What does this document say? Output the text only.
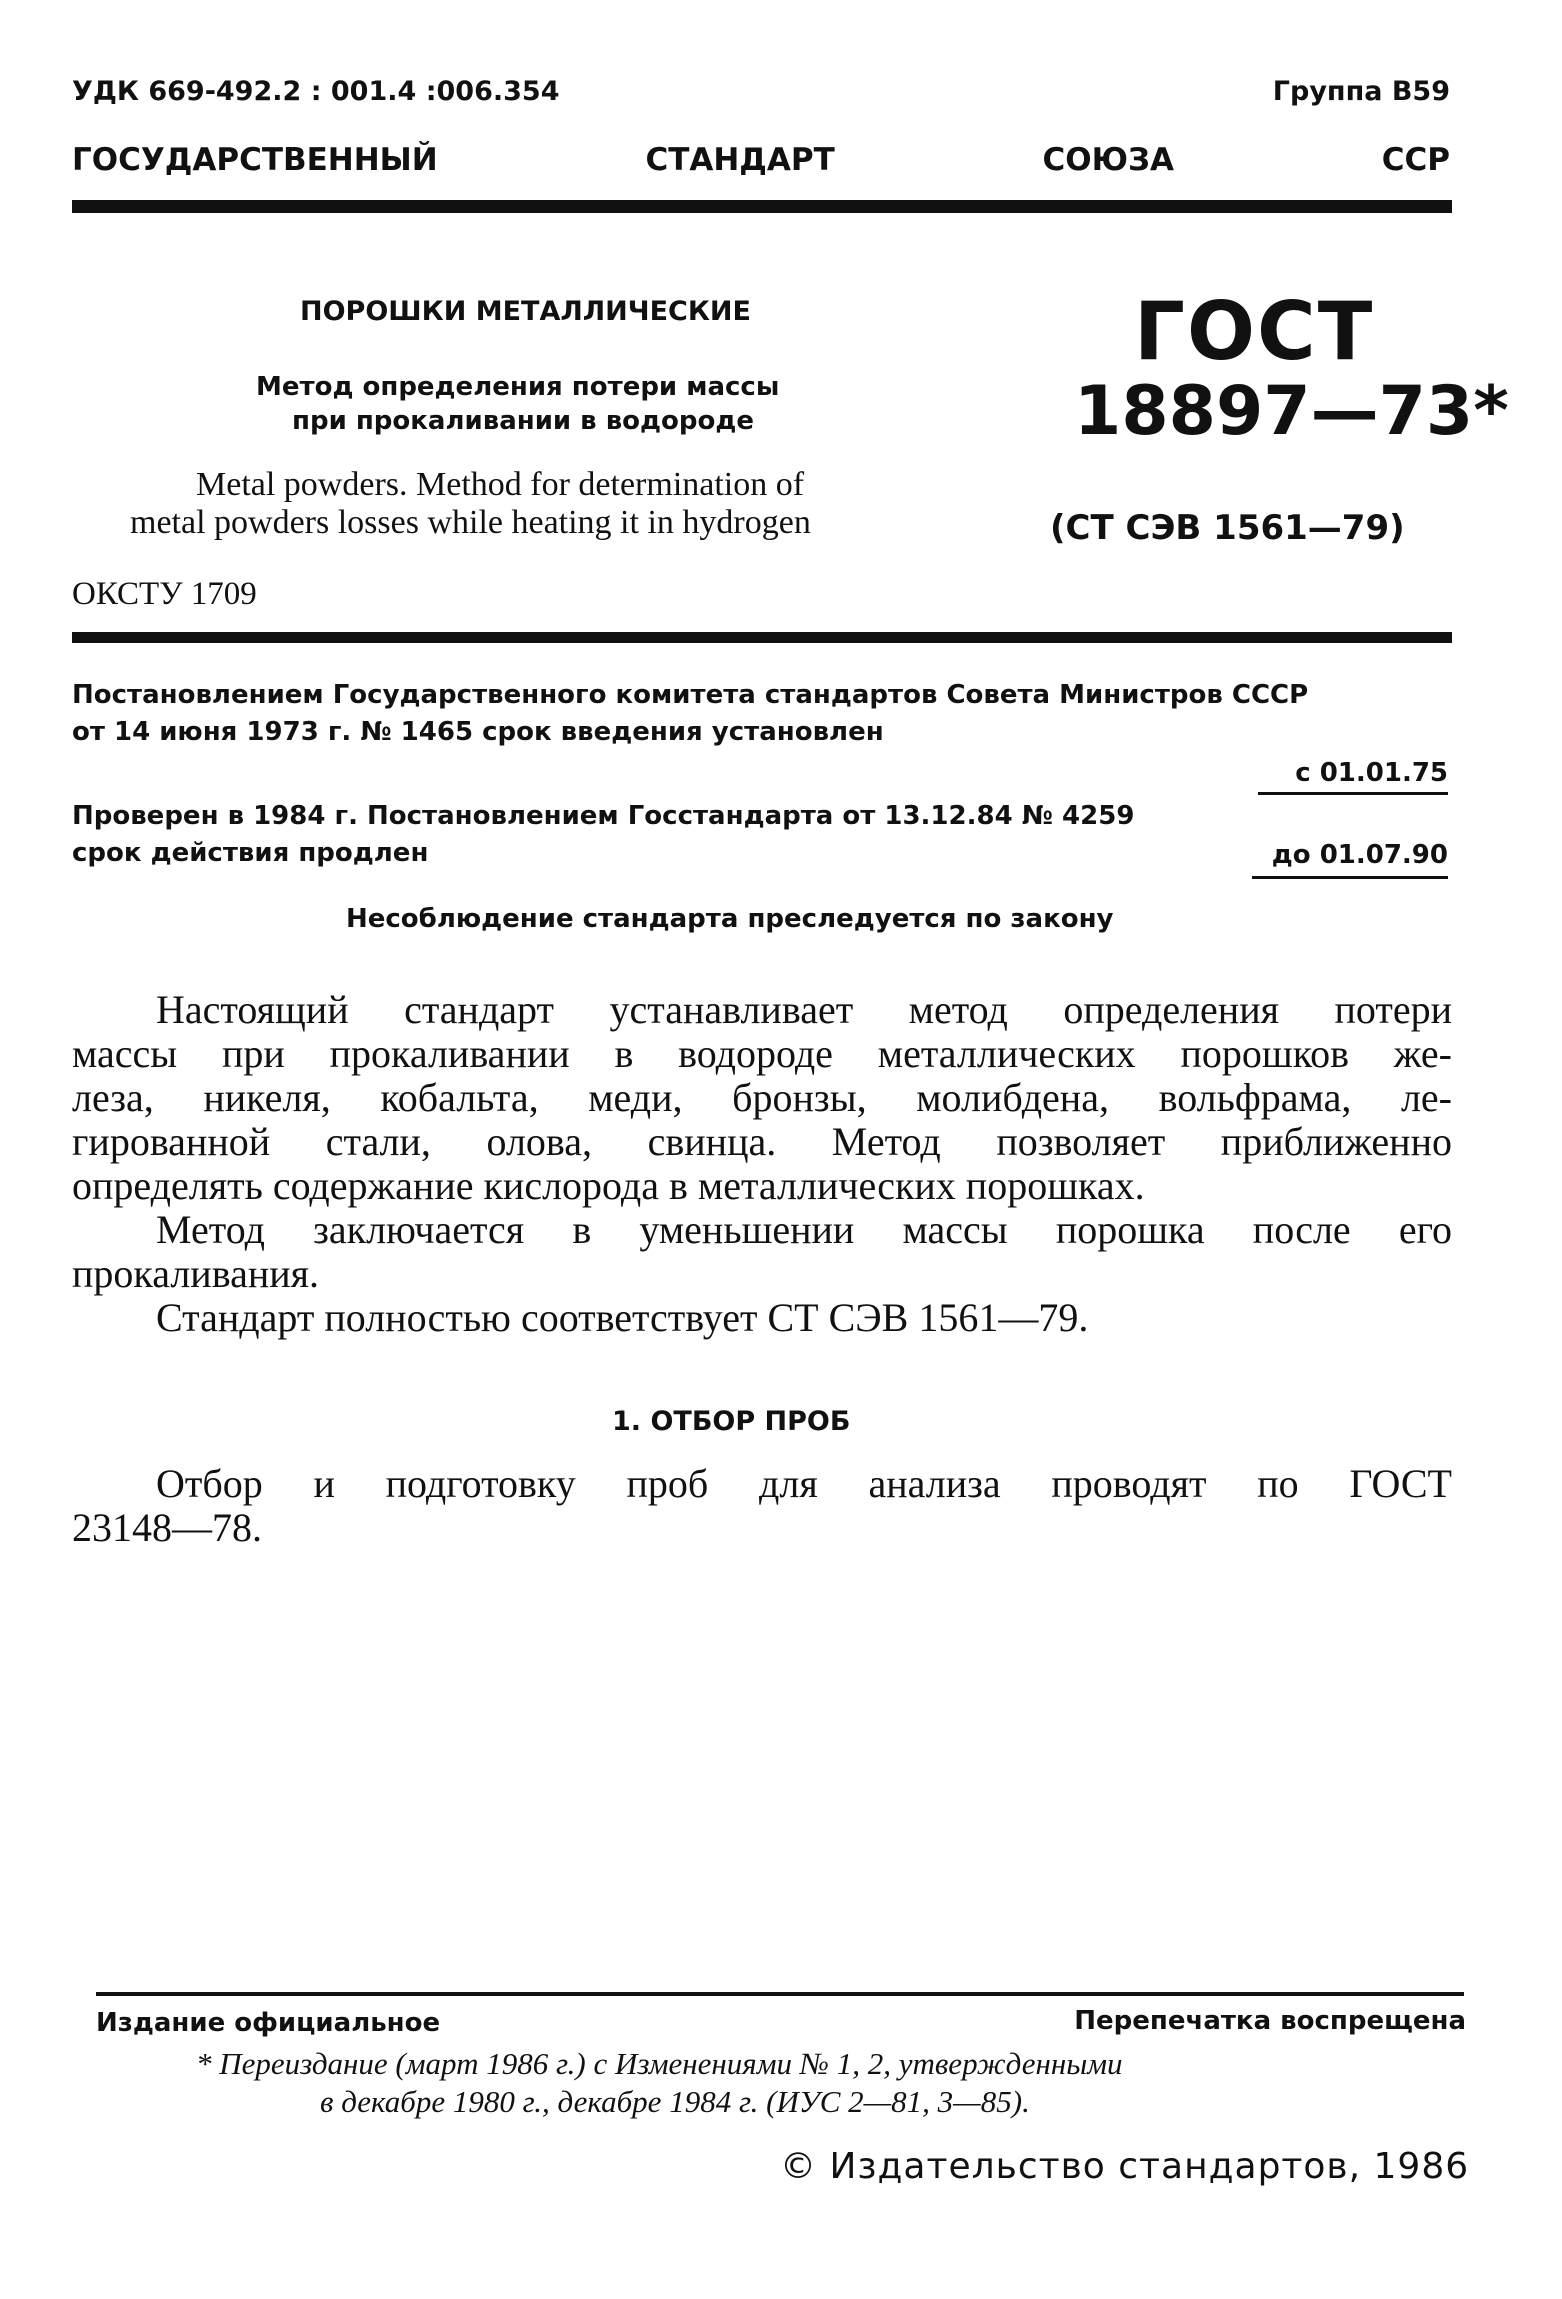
УДК 669-492.2 : 001.4 :006.354	Группа В59
ГОСУДАРСТВЕННЫЙ	СТАНДАРТ	СОЮЗА	ССР
ПОРОШКИ МЕТАЛЛИЧЕСКИЕ
Метод определения потери массы
при прокаливании в водороде
Metal powders. Method for determination of
metal powders losses while heating it in hydrogen
ОКСТУ 1709
ГОСТ
18897—73*
(СТ СЭВ 1561—79)
Постановлением Государственного комитета стандартов Совета Министров СССР
от 14 июня 1973 г. № 1465 срок введения установлен
с 01.01.75
Проверен в 1984 г. Постановлением Госстандарта от 13.12.84 № 4259
срок действия продлен	до 01.07.90
Несоблюдение стандарта преследуется по закону
Настоящий стандарт устанавливает метод определения потери
массы при прокаливании в водороде металлических порошков же-
леза, никеля, кобальта, меди, бронзы, молибдена, вольфрама, ле-
гированной стали, олова, свинца. Метод позволяет приближенно
определять содержание кислорода в металлических порошках.
Метод заключается в уменьшении массы порошка после его
прокаливания.
Стандарт полностью соответствует СТ СЭВ 1561—79.
1. ОТБОР ПРОБ
Отбор и подготовку проб для анализа проводят по ГОСТ
23148—78.
Издание официальное	Перепечатка воспрещена
* Переиздание (март 1986 г.) с Изменениями № 1, 2, утвержденными
в декабре 1980 г., декабре 1984 г. (ИУС 2—81, 3—85).
© Издательство стандартов, 1986
